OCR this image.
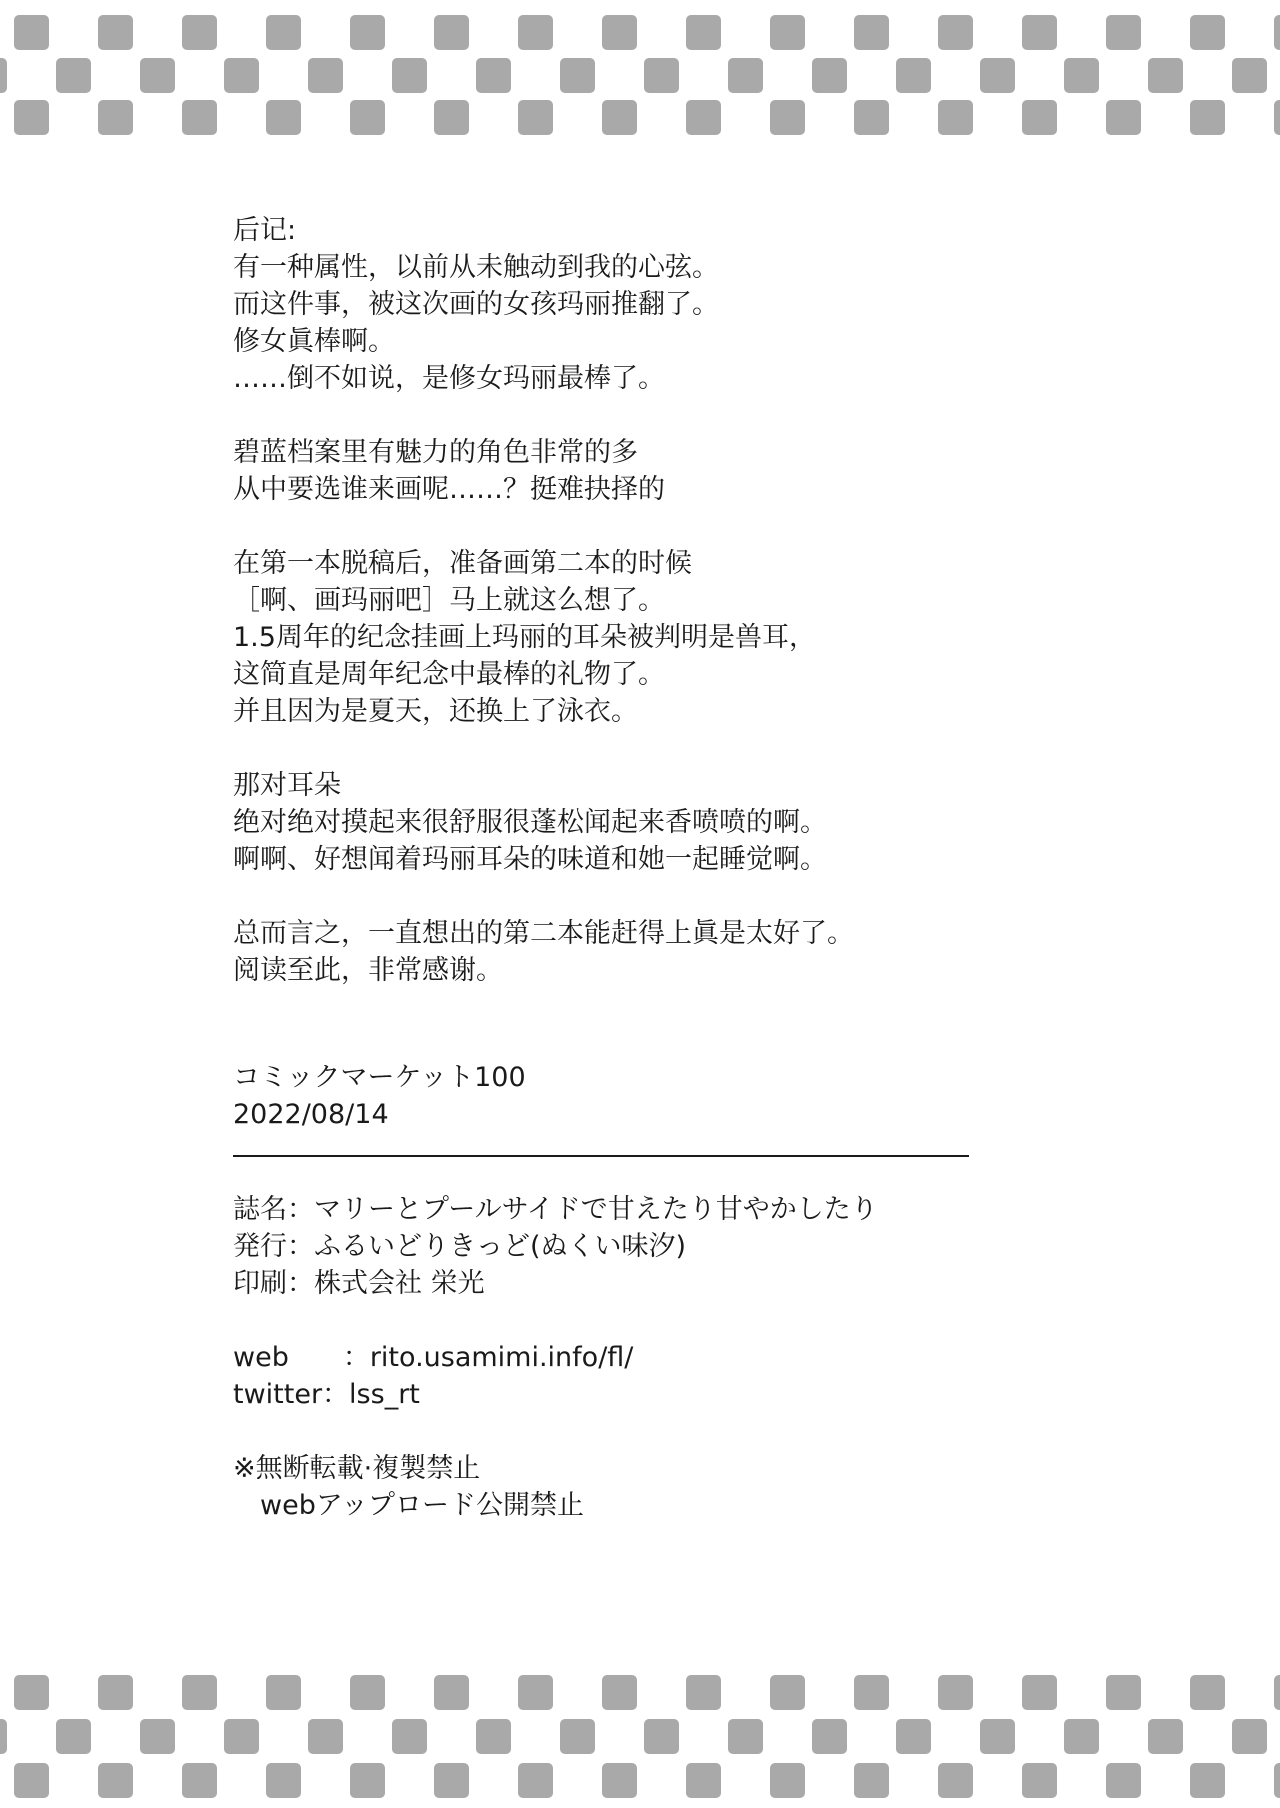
后记:
有一种属性，以前从未触动到我的心弦。
而这件事，被这次画的女孩玛丽推翻了。
修女眞棒啊。
……倒不如说，是修女玛丽最棒了。
碧蓝档案里有魅力的角色非常的多
从中要选谁来画呢……？挺难抉择的
在第一本脱稿后，准备画第二本的时候
［啊、画玛丽吧］马上就这么想了。
1.5周年的纪念挂画上玛丽的耳朵被判明是兽耳，
这简直是周年纪念中最棒的礼物了。
并且因为是夏天，还换上了泳衣。
那对耳朵
绝对绝对摸起来很舒服很蓬松闻起来香喷喷的啊。
啊啊、好想闻着玛丽耳朵的味道和她一起睡觉啊。
总而言之，一直想出的第二本能赶得上眞是太好了。
阅读至此，非常感谢。
コミックマーケット100
2022/08/14
誌名：マリーとプールサイドで甘えたり甘やかしたり
発行：ふるいどりきっど(ぬくい味汐)
印刷：株式会社 栄光
web　　：rito.usamimi.info/fl/
twitter：lss_rt
※無断転載·複製禁止
　webアップロード公開禁止
